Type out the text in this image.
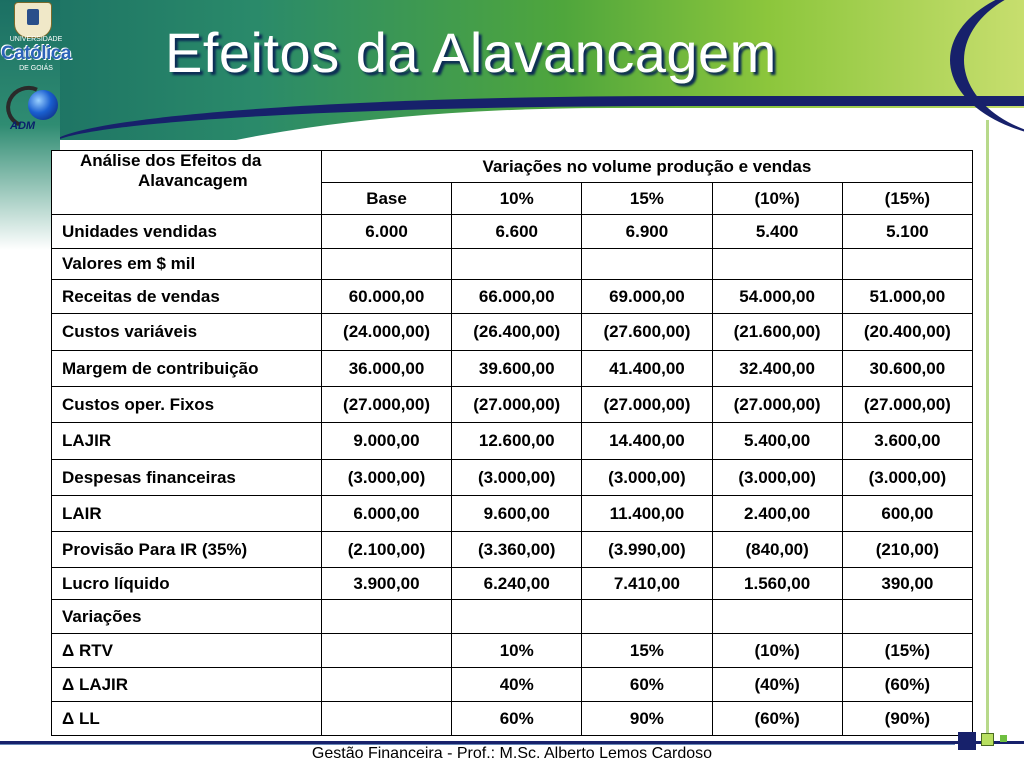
UNIVERSIDADE
Católica
DE GOIÁS
ADM
Efeitos da Alavancagem
Análise dos Efeitos da
Alavancagem	Variações no volume produção e vendas				
	Base	10%	15%	(10%)	(15%)
Unidades vendidas	6.000	6.600	6.900	5.400	5.100
Valores em $ mil					
Receitas de vendas	60.000,00	66.000,00	69.000,00	54.000,00	51.000,00
Custos variáveis	(24.000,00)	(26.400,00)	(27.600,00)	(21.600,00)	(20.400,00)
Margem de contribuição	36.000,00	39.600,00	41.400,00	32.400,00	30.600,00
Custos oper. Fixos	(27.000,00)	(27.000,00)	(27.000,00)	(27.000,00)	(27.000,00)
LAJIR	9.000,00	12.600,00	14.400,00	5.400,00	3.600,00
Despesas financeiras	(3.000,00)	(3.000,00)	(3.000,00)	(3.000,00)	(3.000,00)
LAIR	6.000,00	9.600,00	11.400,00	2.400,00	600,00
Provisão Para IR (35%)	(2.100,00)	(3.360,00)	(3.990,00)	(840,00)	(210,00)
Lucro líquido	3.900,00	6.240,00	7.410,00	1.560,00	390,00
Variações					
Δ RTV		10%	15%	(10%)	(15%)
Δ LAJIR		40%	60%	(40%)	(60%)
Δ LL		60%	90%	(60%)	(90%)
Gestão Financeira - Prof.: M.Sc. Alberto Lemos Cardoso
